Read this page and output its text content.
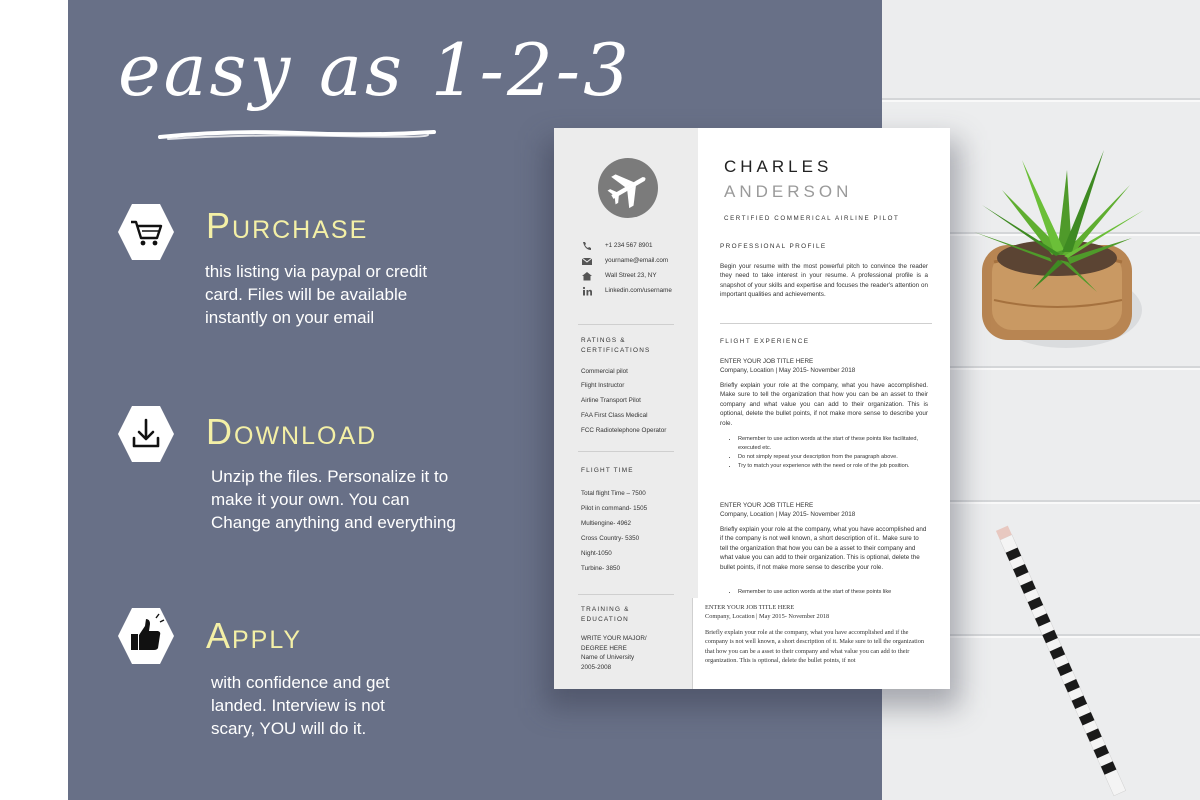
easy as 1-2-3
Purchase
this listing via paypal or credit
card. Files will be available
instantly on your email
Download
Unzip the files. Personalize it to
make it your own. You can
Change anything and everything
Apply
with confidence and get
landed. Interview is not
scary, YOU will do it.
+1 234 567 8901
yourname@email.com
Wall Street 23, NY
Linkedin.com/username
RATINGS &
CERTIFICATIONS
Commercial pilot
Flight Instructor
Airline Transport Pilot
FAA First Class Medical
FCC Radiotelephone Operator
FLIGHT TIME
Total flight Time – 7500
Pilot in command- 1505
Multiengine- 4962
Cross Country- 5350
Night-1050
Turbine- 3850
TRAINING &
EDUCATION
WRITE YOUR MAJOR/
DEGREE HERE
Name of University
2005-2008
CHARLES
ANDERSON
CERTIFIED COMMERICAL AIRLINE PILOT
PROFESSIONAL PROFILE
Begin your resume with the most powerful pitch to convince the reader they need to take interest in your resume. A professional profile is a snapshot of your skills and expertise and focuses the reader's attention on important qualities and achievements.
FLIGHT EXPERIENCE
ENTER YOUR JOB TITLE HERE
Company, Location | May 2015- November 2018
Briefly explain your role at the company, what you have accomplished. Make sure to tell the organization that how you can be an asset to their company and what value you can add to their organization. This is optional, delete the bullet points, if not make more sense to describe your role.
• Remember to use action words at the start of these points like facilitated, executed etc.
• Do not simply repeat your description from the paragraph above.
• Try to match your experience with the need or role of the job position.
ENTER YOUR JOB TITLE HERE
Company, Location | May 2015- November 2018
Briefly explain your role at the company, what you have accomplished and if the company is not well known, a short description of it.. Make sure to tell the organization that how you can be a asset to their company and what value you can add to their organization. This is optional, delete the bullet points, if not make more sense to describe your role.
• Remember to use action words at the start of these points like
ENTER YOUR JOB TITLE HERE
Company, Location | May 2015- November 2018
Briefly explain your role at the company, what you have accomplished and if the company is not well known, a short description of it. Make sure to tell the organization that how you can be a asset to their company and what value you can add to their organization. This is optional, delete the bullet points, if not
